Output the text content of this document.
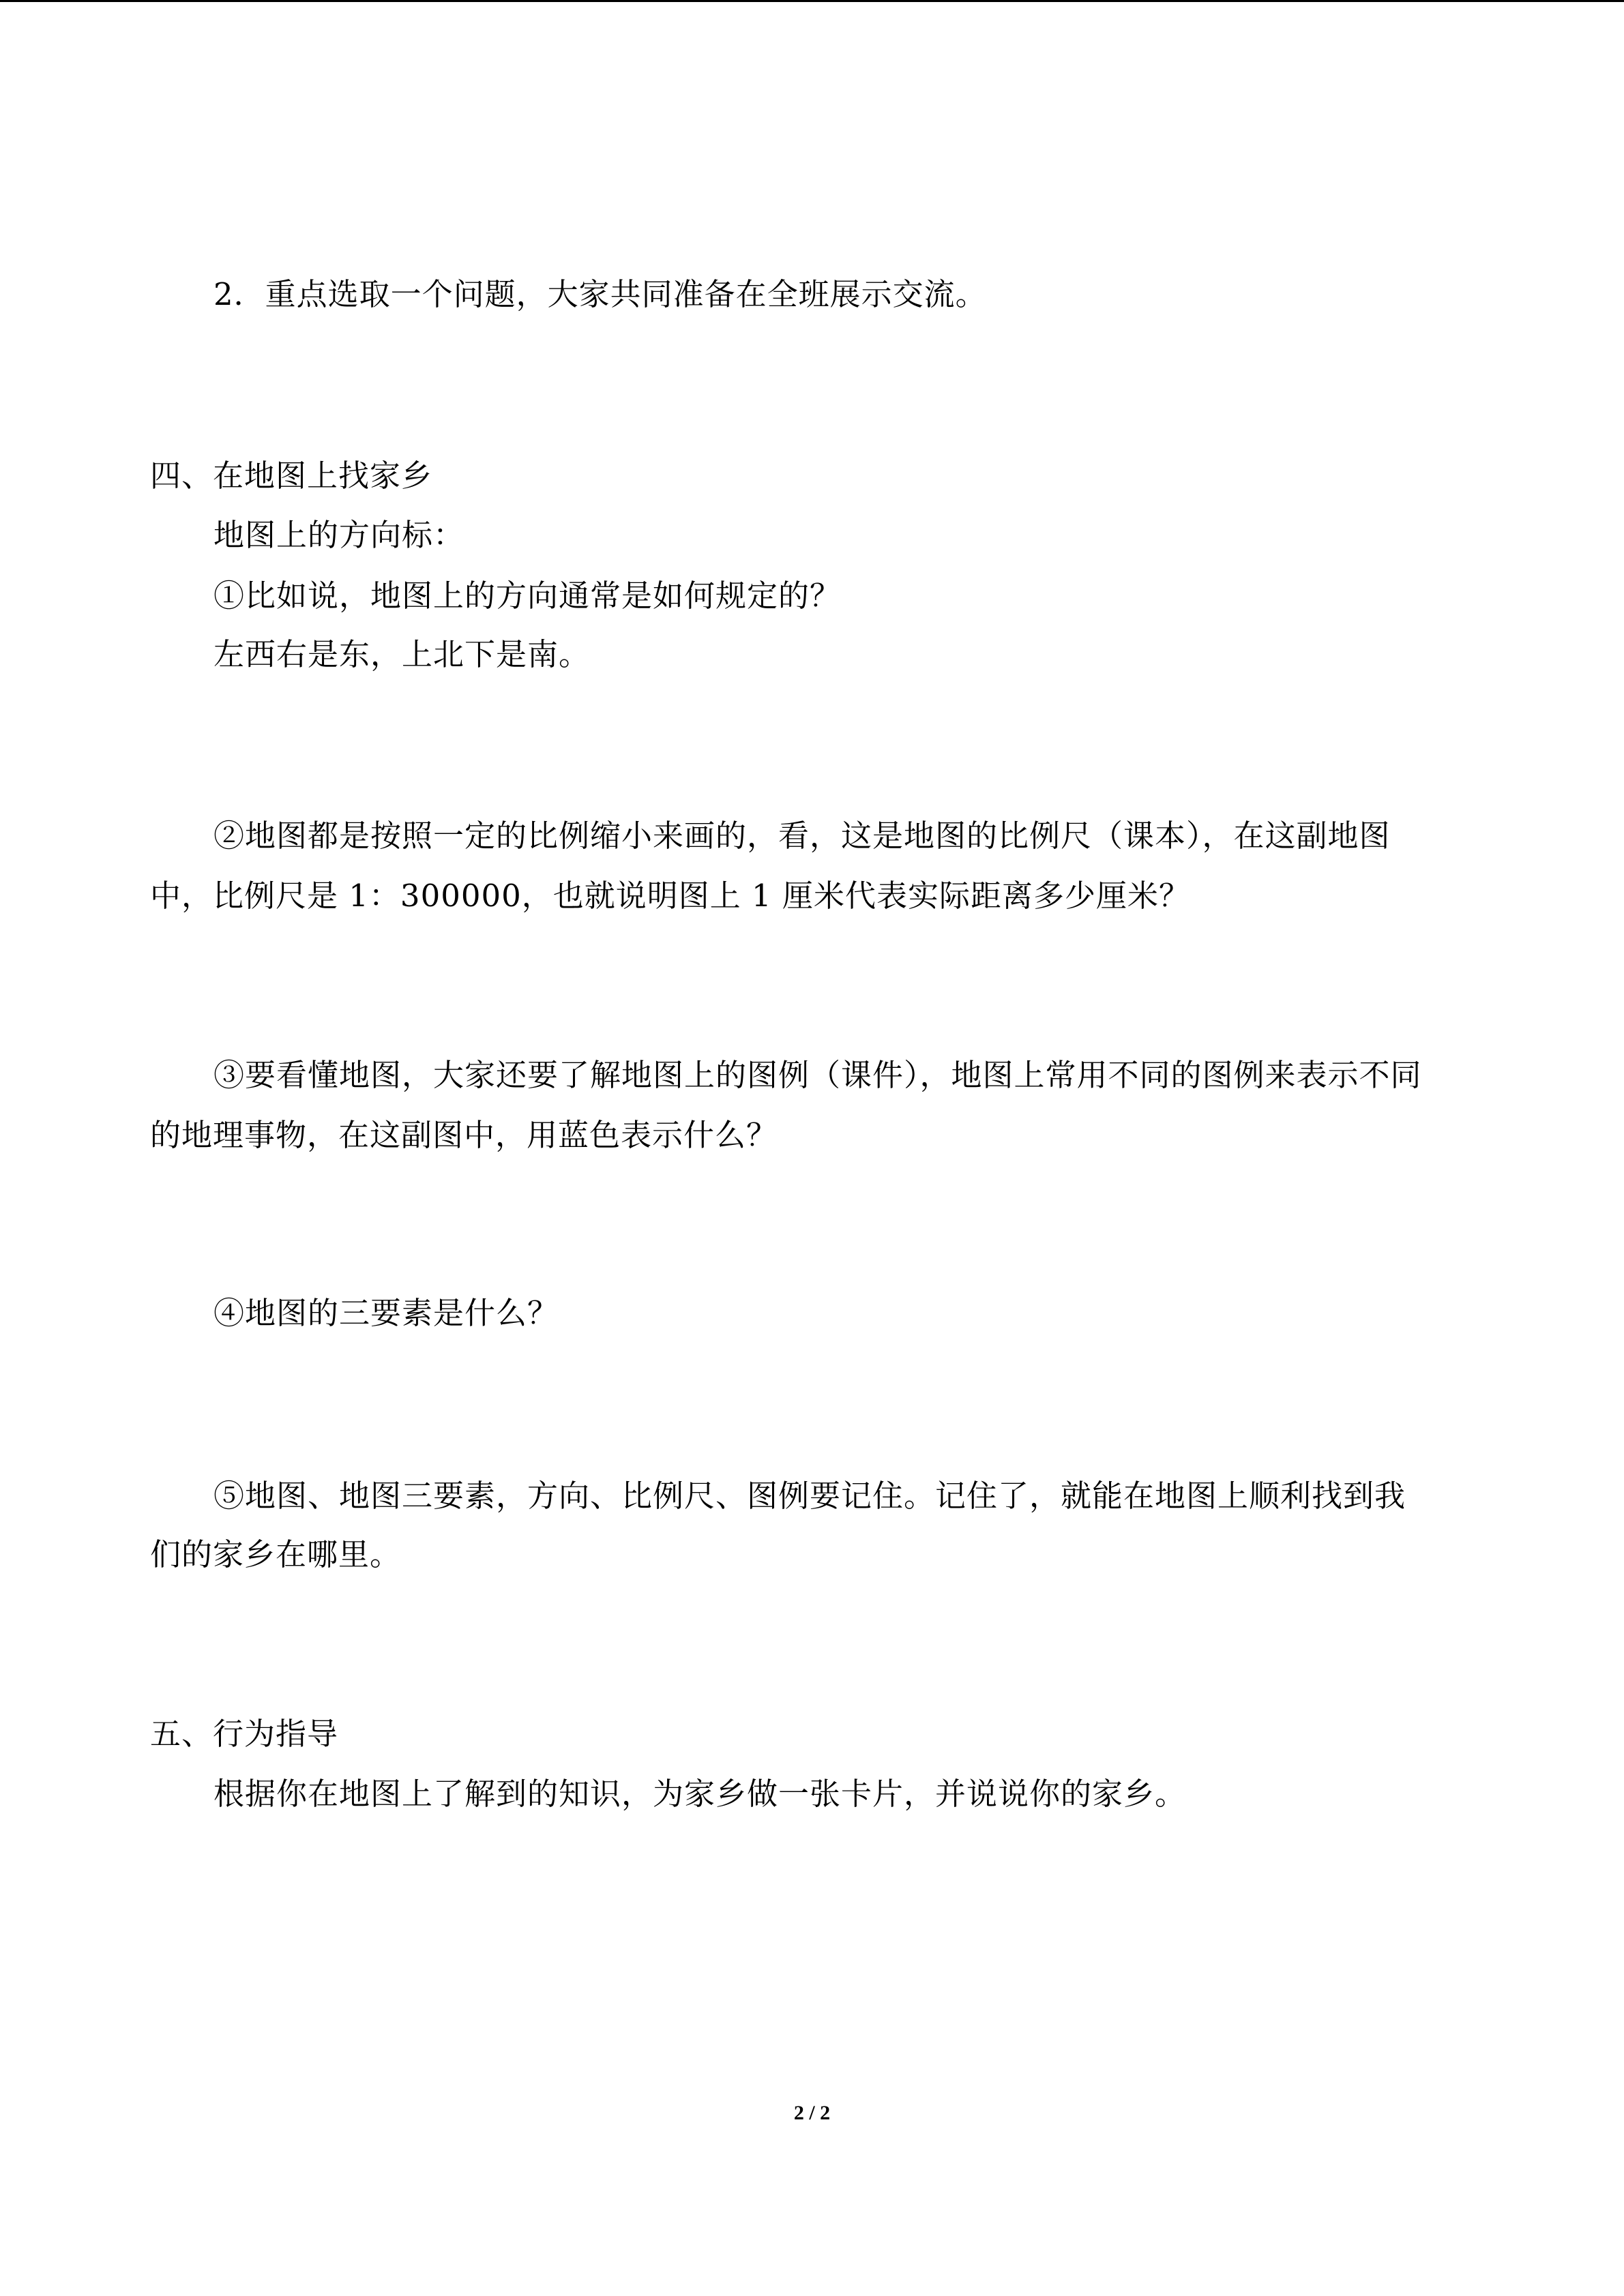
2．重点选取一个问题，大家共同准备在全班展示交流。
四、在地图上找家乡
地图上的方向标：
①比如说，地图上的方向通常是如何规定的？
左西右是东，上北下是南。
②地图都是按照一定的比例缩小来画的，看，这是地图的比例尺（课本），在这副地图
中，比例尺是 1：300000，也就说明图上 1 厘米代表实际距离多少厘米？
③要看懂地图，大家还要了解地图上的图例（课件），地图上常用不同的图例来表示不同
的地理事物，在这副图中，用蓝色表示什么？
④地图的三要素是什么？
⑤地图、地图三要素，方向、比例尺、图例要记住。记住了，就能在地图上顺利找到我
们的家乡在哪里。
五、行为指导
根据你在地图上了解到的知识，为家乡做一张卡片，并说说你的家乡。
2 / 2
